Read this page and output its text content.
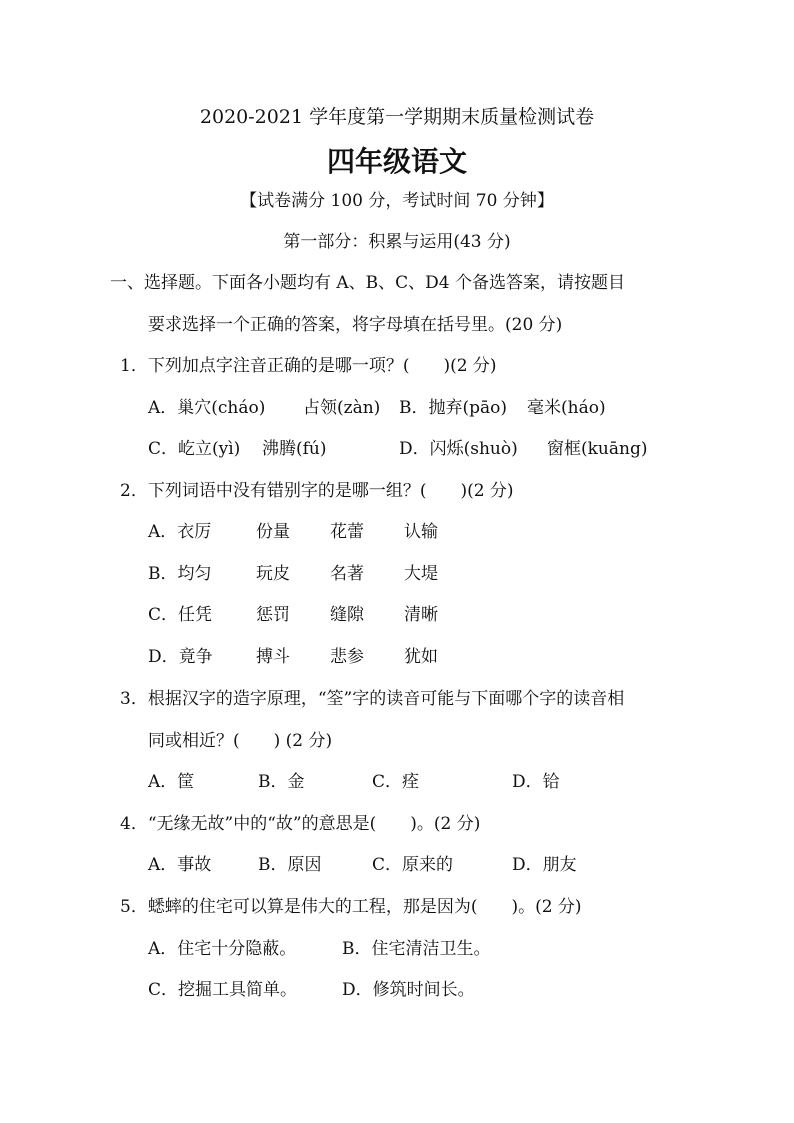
2020-2021 学年度第一学期期末质量检测试卷
四年级语文
【试卷满分 100 分，考试时间 70 分钟】
第一部分：积累与运用(43 分)
一、选择题。下面各小题均有 A、B、C、D4 个备选答案，请按题目
要求选择一个正确的答案，将字母填在括号里。(20 分)
1．下列加点字注音正确的是哪一项？(　　)(2 分)
A．巢穴(cháo) 占领(zàn) B．抛弃(pāo) 毫米(háo)
C．屹立(yì) 沸腾(fú)	D．闪烁(shuò) 窗框(kuāng)
2．下列词语中没有错别字的是哪一组？(　　)(2 分)
A．衣厉	份量 花蕾 认输
B．均匀	玩皮 名著 大堤
C．任凭	惩罚 缝隙 清晰
D．竟争	搏斗 悲参 犹如
3．根据汉字的造字原理，“筌”字的读音可能与下面哪个字的读音相
同或相近？(　　) (2 分)
A．筐	B．金	C．痊	D．铪
4．“无缘无故”中的“故”的意思是(　　)。(2 分)
A．事故	B．原因	C．原来的	D．朋友
5．蟋蟀的住宅可以算是伟大的工程，那是因为(　　)。(2 分)
A．住宅十分隐蔽。	B．住宅清洁卫生。
C．挖掘工具简单。	D．修筑时间长。
